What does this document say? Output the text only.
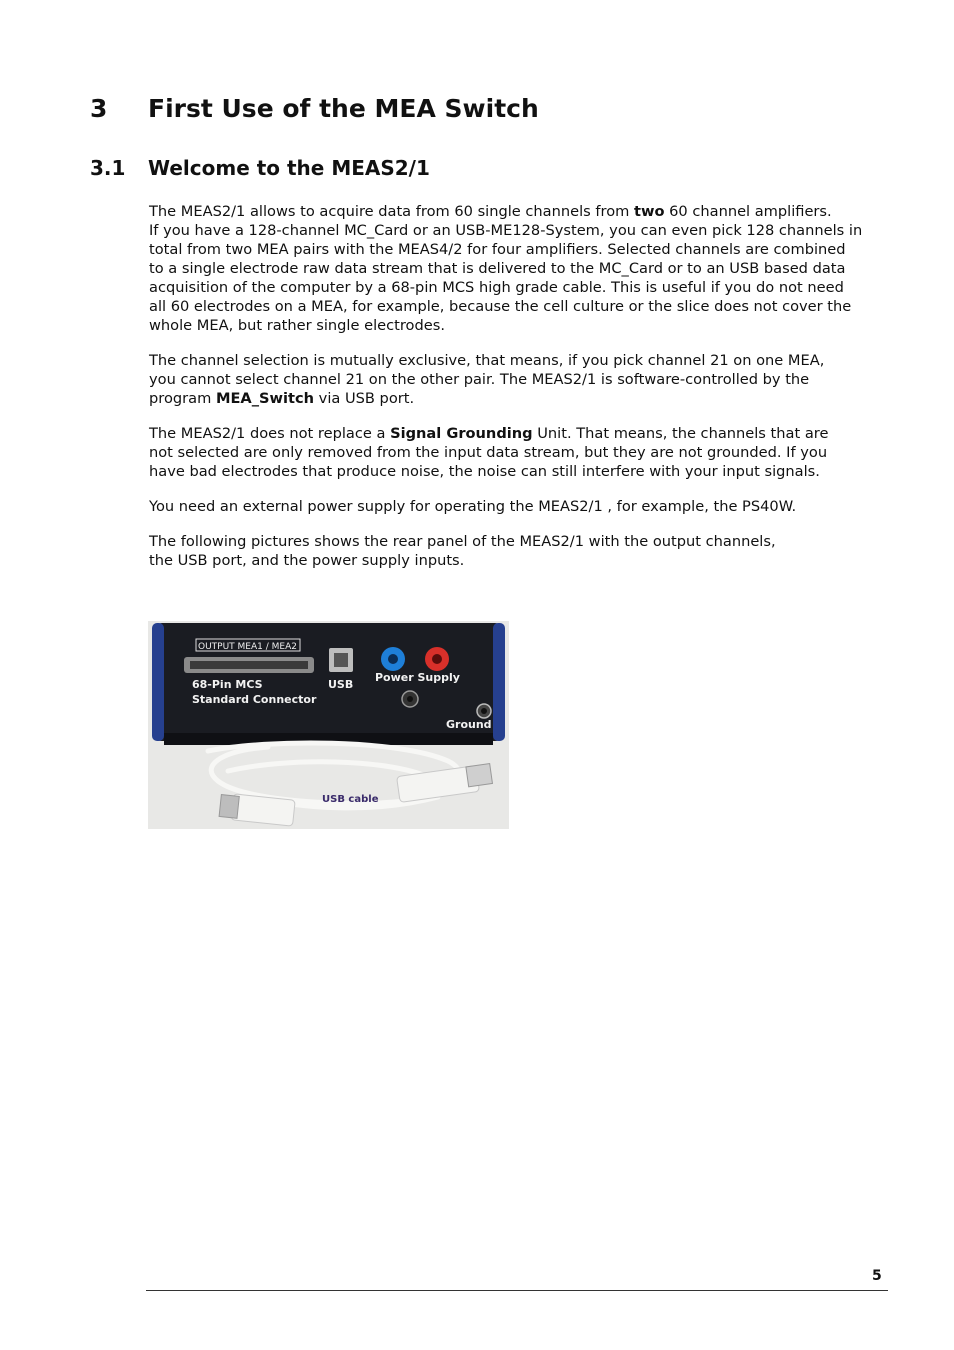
3 First Use of the MEA Switch
3.1 Welcome to the MEAS2/1
The MEAS2/1 allows to acquire data from 60 single channels from two 60 channel amplifiers.
If you have a 128-channel MC_Card or an USB-ME128-System, you can even pick 128 channels in
total from two MEA pairs with the MEAS4/2 for four amplifiers. Selected channels are combined
to a single electrode raw data stream that is delivered to the MC_Card or to an USB based data
acquisition of the computer by a 68-pin MCS high grade cable. This is useful if you do not need
all 60 electrodes on a MEA, for example, because the cell culture or the slice does not cover the
whole MEA, but rather single electrodes.
The channel selection is mutually exclusive, that means, if you pick channel 21 on one MEA,
you cannot select channel 21 on the other pair. The MEAS2/1 is software-controlled by the
program MEA_Switch via USB port.
The MEAS2/1 does not replace a Signal Grounding Unit. That means, the channels that are
not selected are only removed from the input data stream, but they are not grounded. If you
have bad electrodes that produce noise, the noise can still interfere with your input signals.
You need an external power supply for operating the MEAS2/1 , for example, the PS40W.
The following pictures shows the rear panel of the MEAS2/1 with the output channels,
the USB port, and the power supply inputs.
OUTPUT MEA1 / MEA2
68-Pin MCS
Standard Connector
USB
Power Supply
Ground
USB cable
5
